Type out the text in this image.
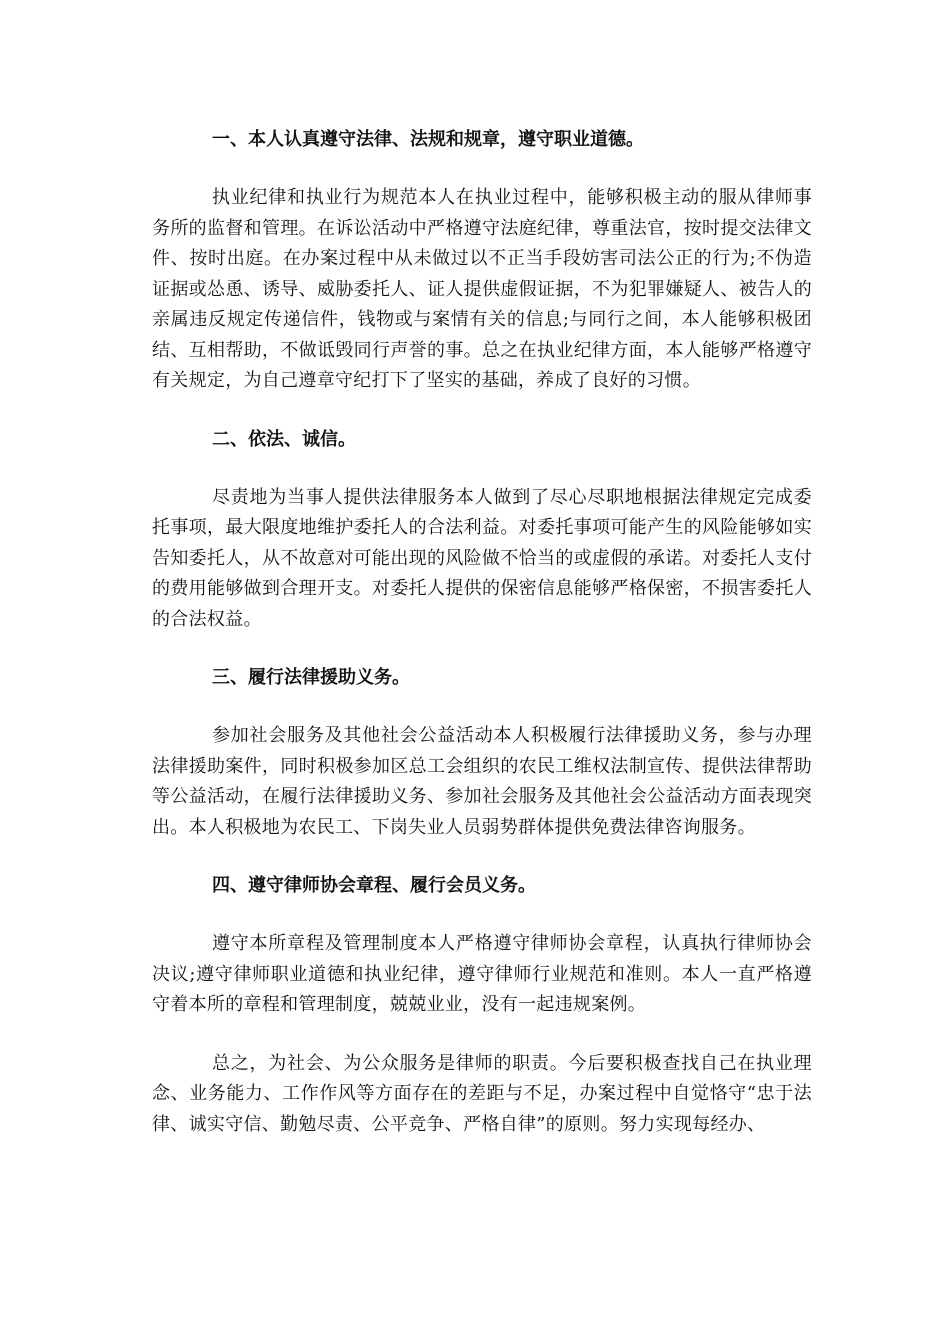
一、本人认真遵守法律、法规和规章，遵守职业道德。

执业纪律和执业行为规范本人在执业过程中，能够积极主动的服从律师事务所的监督和管理。在诉讼活动中严格遵守法庭纪律，尊重法官，按时提交法律文件、按时出庭。在办案过程中从未做过以不正当手段妨害司法公正的行为;不伪造证据或怂恿、诱导、威胁委托人、证人提供虚假证据，不为犯罪嫌疑人、被告人的亲属违反规定传递信件，钱物或与案情有关的信息;与同行之间，本人能够积极团结、互相帮助，不做诋毁同行声誉的事。总之在执业纪律方面，本人能够严格遵守有关规定，为自己遵章守纪打下了坚实的基础，养成了良好的习惯。

二、依法、诚信。

尽责地为当事人提供法律服务本人做到了尽心尽职地根据法律规定完成委托事项，最大限度地维护委托人的合法利益。对委托事项可能产生的风险能够如实告知委托人，从不故意对可能出现的风险做不恰当的或虚假的承诺。对委托人支付的费用能够做到合理开支。对委托人提供的保密信息能够严格保密，不损害委托人的合法权益。

三、履行法律援助义务。

参加社会服务及其他社会公益活动本人积极履行法律援助义务，参与办理法律援助案件，同时积极参加区总工会组织的农民工维权法制宣传、提供法律帮助等公益活动，在履行法律援助义务、参加社会服务及其他社会公益活动方面表现突出。本人积极地为农民工、下岗失业人员弱势群体提供免费法律咨询服务。

四、遵守律师协会章程、履行会员义务。

遵守本所章程及管理制度本人严格遵守律师协会章程，认真执行律师协会决议;遵守律师职业道德和执业纪律，遵守律师行业规范和准则。本人一直严格遵守着本所的章程和管理制度，兢兢业业，没有一起违规案例。

总之，为社会、为公众服务是律师的职责。今后要积极查找自己在执业理念、业务能力、工作作风等方面存在的差距与不足，办案过程中自觉恪守“忠于法律、诚实守信、勤勉尽责、公平竞争、严格自律”的原则。努力实现每经办、
